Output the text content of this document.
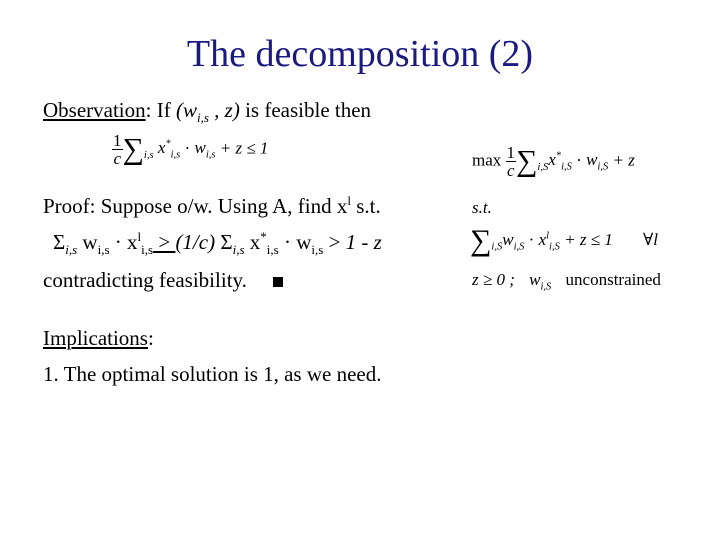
The decomposition (2)
Observation: If ($w_{i,s}$ , z) is feasible then
$\frac{1}{c} \sum_{i,s}$ $x^*_{i,s} \cdot w_{i,s} + z \le 1$
Proof: Suppose o/w. Using A, find $x^l$ s.t.
$\Sigma_{i,s}$ $w_{i,s} \cdot x^l_{i,s} > (1/c)$ $\Sigma_{i,s}$ $x^*_{i,s} \cdot w_{i,s} > 1 - z$
contradicting feasibility.
Implications:
1. The optimal solution is 1, as we need.
$\max \frac{1}{c} \sum_{i,S}x^*_{i,S} \cdot w_{i,S} + z$
s.t.
$\sum_{i,S}w_{i,S} \cdot x^l_{i,S} + z \le 1$ ∀l
z ≥ 0 ; $w_{i,S}$ unconstrained
